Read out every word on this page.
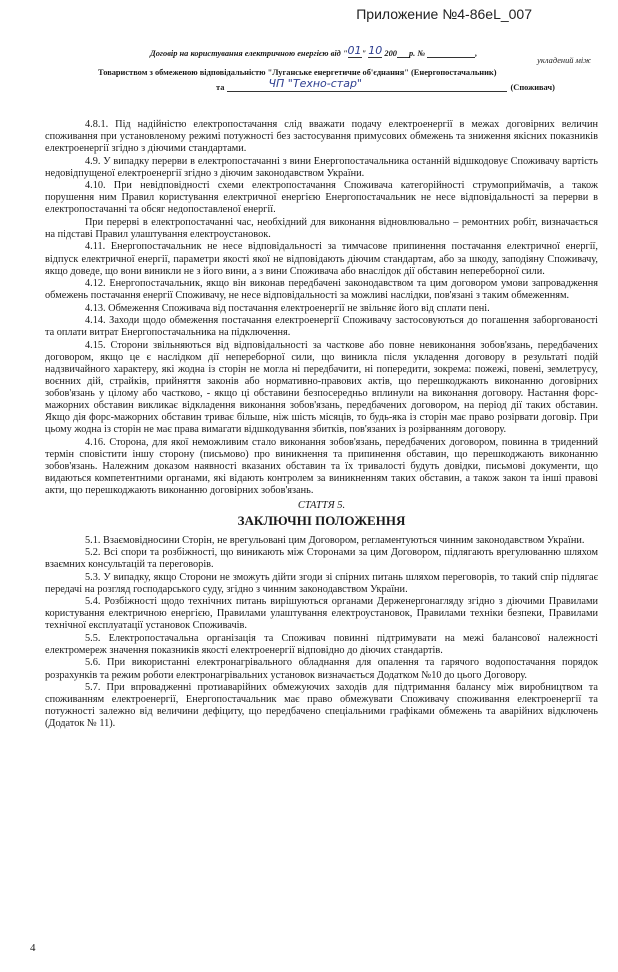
Приложение №4-86eL_007
Договір на користування електричною енергією від "01" 10 200 р. №	,
укладений між
Товариством з обмеженою відповідальністю "Луганське енергетичне об'єднання" (Енергопостачальник)
та	ЧП "Техно-стар"	(Споживач)

4.8.1. Під надійністю електропостачання слід вважати подачу електроенергії в межах договірних величин споживання при установленому режимі потужності без застосування примусових обмежень та зниження якісних показників електроенергії згідно з діючими стандартами.

4.9. У випадку перерви в електропостачанні з вини Енергопостачальника останній відшкодовує Споживачу вартість недовідпущеної електроенергії згідно з діючим законодавством України.

4.10. При невідповідності схеми електропостачання Споживача категорійності струмоприймачів, а також порушення ним Правил користування електричної енергією Енергопостачальник не несе відповідальності за перерви в електропостачанні та обсяг недопоставленої енергії.

При перерві в електропостачанні час, необхідний для виконання відновлювально – ремонтних робіт, визначається на підставі Правил улаштування електроустановок.

4.11. Енергопостачальник не несе відповідальності за тимчасове припинення постачання електричної енергії, відпуск електричної енергії, параметри якості якої не відповідають діючим стандартам, або за шкоду, заподіяну Споживачу, якщо доведе, що вони виникли не з його вини, а з вини Споживача або внаслідок дії обставин непереборної сили.

4.12. Енергопостачальник, якщо він виконав передбачені законодавством та цим договором умови запровадження обмежень постачання енергії Споживачу, не несе відповідальності за можливі наслідки, пов'язані з таким обмеженням.

4.13. Обмеження Споживача від постачання електроенергії не звільняє його від сплати пені.

4.14. Заходи щодо обмеження постачання електроенергії Споживачу застосовуються до погашення заборгованості та оплати витрат Енергопостачальника на підключення.

4.15. Сторони звільняються від відповідальності за часткове або повне невиконання зобов'язань, передбачених договором, якщо це є наслідком дії непереборної сили, що виникла після укладення договору в результаті подій надзвичайного характеру, які жодна із сторін не могла ні передбачити, ні попередити, зокрема: пожежі, повені, землетрусу, воєнних дій, страйків, прийняття законів або нормативно-правових актів, що перешкоджають виконанню договірних зобов'язань у цілому або частково, - якщо ці обставини безпосередньо вплинули на виконання договору. Настання форс-мажорних обставин викликає відкладення виконання зобов'язань, передбачених договором, на період дії таких обставин. Якщо дія форс-мажорних обставин триває більше, ніж шість місяців, то будь-яка із сторін має право розірвати договір. При цьому жодна із сторін не має права вимагати відшкодування збитків, пов'язаних із розірванням договору.

4.16. Сторона, для якої неможливим стало виконання зобов'язань, передбачених договором, повинна в триденний термін сповістити іншу сторону (письмово) про виникнення та припинення обставин, що перешкоджають виконанню зобов'язань. Належним доказом наявності вказаних обставин та їх тривалості будуть довідки, письмові документи, що видаються компетентними органами, які відають контролем за виникненням таких обставин, а також закон та інші правові акти, що перешкоджають виконанню договірних зобов'язань.

СТАТТЯ 5.

ЗАКЛЮЧНІ ПОЛОЖЕННЯ

5.1. Взаємовідносини Сторін, не врегульовані цим Договором, регламентуються чинним законодавством України.

5.2. Всі спори та розбіжності, що виникають між Сторонами за цим Договором, підлягають врегулюванню шляхом взаємних консультацій та переговорів.

5.3. У випадку, якщо Сторони не зможуть дійти згоди зі спірних питань шляхом переговорів, то такий спір підлягає передачі на розгляд господарського суду, згідно з чинним законодавством України.

5.4. Розбіжності щодо технічних питань вирішуються органами Держенергонагляду згідно з діючими Правилами користування електричною енергією, Правилами улаштування електроустановок, Правилами техніки безпеки, Правилами технічної експлуатації установок Споживачів.

5.5. Електропостачальна організація та Споживач повинні підтримувати на межі балансової належності електромереж значення показників якості електроенергії відповідно до діючих стандартів.

5.6. При використанні електронагрівального обладнання для опалення та гарячого водопостачання порядок розрахунків та режим роботи електронагрівальних установок визначається Додатком №10 до цього Договору.

5.7. При впровадженні протиаварійних обмежуючих заходів для підтримання балансу між виробництвом та споживанням електроенергії, Енергопостачальник має право обмежувати Споживачу споживання електроенергії та потужності залежно від величини дефіциту, що передбачено спеціальними графіками обмежень та аварійних відключень (Додаток № 11).

4
